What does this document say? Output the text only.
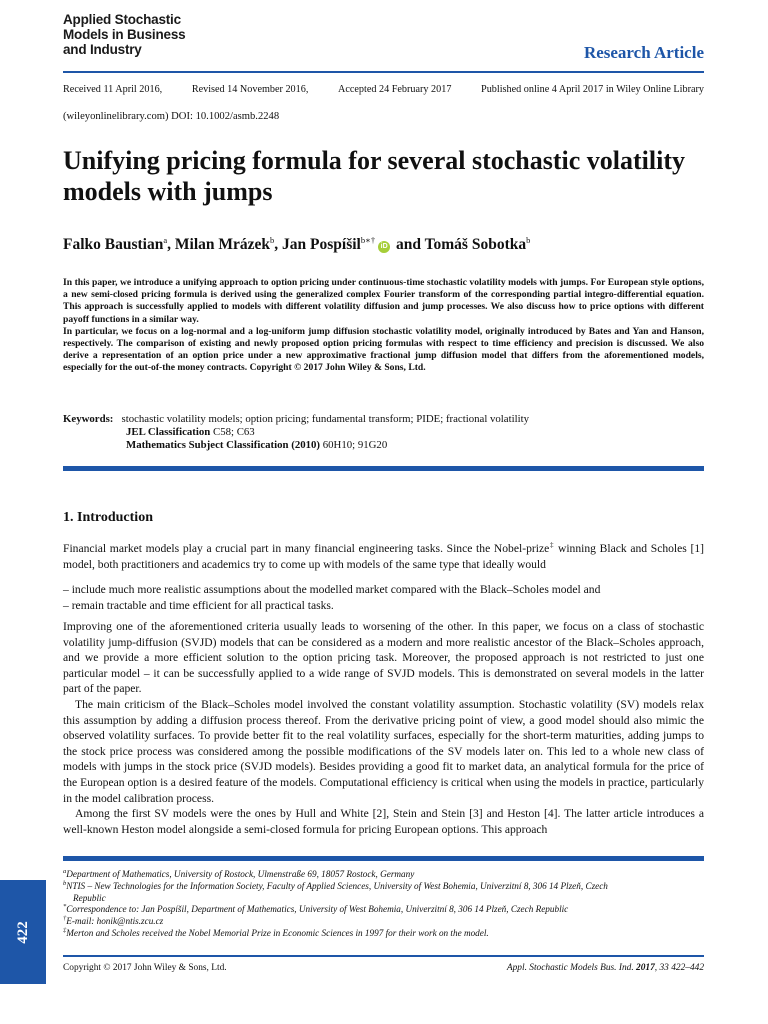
Applied Stochastic
Models in Business
and Industry	Research Article
Received 11 April 2016,	Revised 14 November 2016,	Accepted 24 February 2017	Published online 4 April 2017 in Wiley Online Library
(wileyonlinelibrary.com) DOI: 10.1002/asmb.2248
Unifying pricing formula for several stochastic volatility models with jumps
Falko Baustian$^a$, Milan Mrázek$^b$, Jan Pospíšil$^{b∗\dagger}$iD and Tomáš Sobotka$^b$

In this paper, we introduce a unifying approach to option pricing under continuous-time stochastic volatility models with jumps. For European style options, a new semi-closed pricing formula is derived using the generalized complex Fourier transform of the corresponding partial integro-differential equation. This approach is successfully applied to models with different volatility diffusion and jump processes. We also discuss how to price options with different payoff functions in a similar way.

In particular, we focus on a log-normal and a log-uniform jump diffusion stochastic volatility model, originally introduced by Bates and Yan and Hanson, respectively. The comparison of existing and newly proposed option pricing formulas with respect to time efficiency and precision is discussed. We also derive a representation of an option price under a new approximative fractional jump diffusion model that differs from the aforementioned models, especially for the out-of-the money contracts. Copyright © 2017 John Wiley & Sons, Ltd.

Keywords: stochastic volatility models; option pricing; fundamental transform; PIDE; fractional volatility
JEL Classification C58; C63
Mathematics Subject Classification (2010) 60H10; 91G20
1. Introduction

Financial market models play a crucial part in many financial engineering tasks. Since the Nobel-prize‡ winning Black and Scholes [1] model, both practitioners and academics try to come up with models of the same type that ideally would

– include much more realistic assumptions about the modelled market compared with the Black–Scholes model and
– remain tractable and time efficient for all practical tasks.

Improving one of the aforementioned criteria usually leads to worsening of the other. In this paper, we focus on a class of stochastic volatility jump-diffusion (SVJD) models that can be considered as a modern and more realistic ancestor of the Black–Scholes approach, and we provide a more efficient solution to the option pricing task. Moreover, the proposed approach is not restricted to just one particular model – it can be successfully applied to a wide range of SVJD models. This is demonstrated on several models in the latter part of the paper.

The main criticism of the Black–Scholes model involved the constant volatility assumption. Stochastic volatility (SV) models relax this assumption by adding a diffusion process thereof. From the derivative pricing point of view, a good model should also mimic the observed volatility surfaces. To provide better fit to the real volatility surfaces, especially for the short-term maturities, adding jumps to the stock price process was considered among the possible modifications of the SV models later on. This led to a whole new class of models with jumps in the stock price (SVJD models). Besides providing a good fit to market data, an analytical formula for the price of the European option is a desired feature of the models. Computational efficiency is critical when using the models in practice, particularly in the model calibration process.

Among the first SV models were the ones by Hull and White [2], Stein and Stein [3] and Heston [4]. The latter article introduces a well-known Heston model alongside a semi-closed formula for pricing European options. This approach

$^a$Department of Mathematics, University of Rostock, Ulmenstraße 69, 18057 Rostock, Germany
$^b$NTIS – New Technologies for the Information Society, Faculty of Applied Sciences, University of West Bohemia, Univerzitní 8, 306 14 Plzeň, Czech
Republic
*Correspondence to: Jan Pospíšil, Department of Mathematics, University of West Bohemia, Univerzitní 8, 306 14 Plzeň, Czech Republic
†E-mail: honik@ntis.zcu.cz
‡Merton and Scholes received the Nobel Memorial Prize in Economic Sciences in 1997 for their work on the model.
Copyright © 2017 John Wiley & Sons, Ltd.	Appl. Stochastic Models Bus. Ind. 2017, 33 422–442
422
